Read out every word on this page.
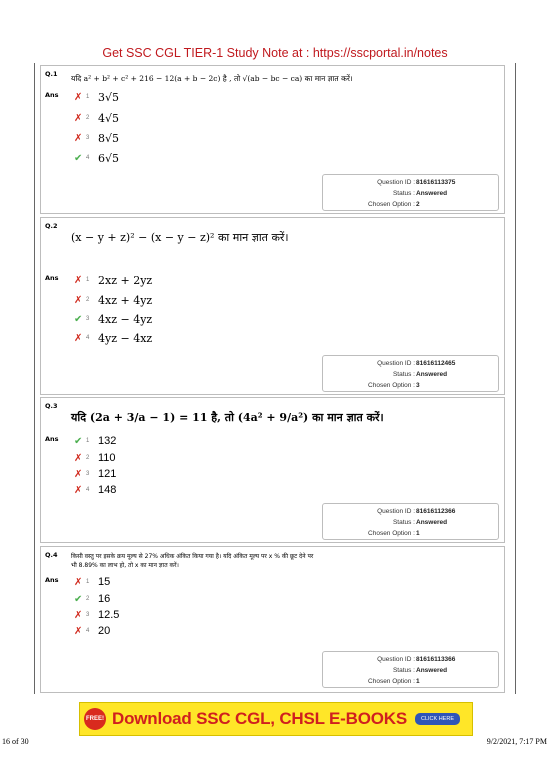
Get SSC CGL TIER-1 Study Note at : https://sscportal.in/notes
Q.1 यदि a² + b² + c² + 216 − 12(a + b − 2c) है , तो √(ab − bc − ca) का मान ज्ञात करें।
Ans ✗ 1 3√5
✗ 2 4√5
✗ 3 8√5
✔ 4 6√5
Question ID : 81616113375
Status : Answered
Chosen Option : 2
Q.2
(x − y + z)² − (x − y − z)² का मान ज्ञात करें।
Ans ✗ 1 2xz + 2yz
✗ 2 4xz + 4yz
✔ 3 4xz − 4yz
✗ 4 4yz − 4xz
Question ID : 81616112465
Status : Answered
Chosen Option : 3
Q.3
यदि (2a + 3/a − 1) = 11 है, तो (4a² + 9/a²) का मान ज्ञात करें।
Ans ✔ 1 132
✗ 2 110
✗ 3 121
✗ 4 148
Question ID : 81616112366
Status : Answered
Chosen Option : 1
Q.4 किसी वस्तु पर इसके क्रय मूल्य से 27% अधिक अंकित किया गया है। यदि अंकित मूल्य पर x % की छूट देने पर
भी 8.89% का लाभ हो, तो x का मान ज्ञात करें।
Ans ✗ 1 15
✔ 2 16
✗ 3 12.5
✗ 4 20
Question ID : 81616113366
Status : Answered
Chosen Option : 1
FREE! Download SSC CGL, CHSL E-BOOKS	CLICK HERE
16 of 30	9/2/2021, 7:17 PM
